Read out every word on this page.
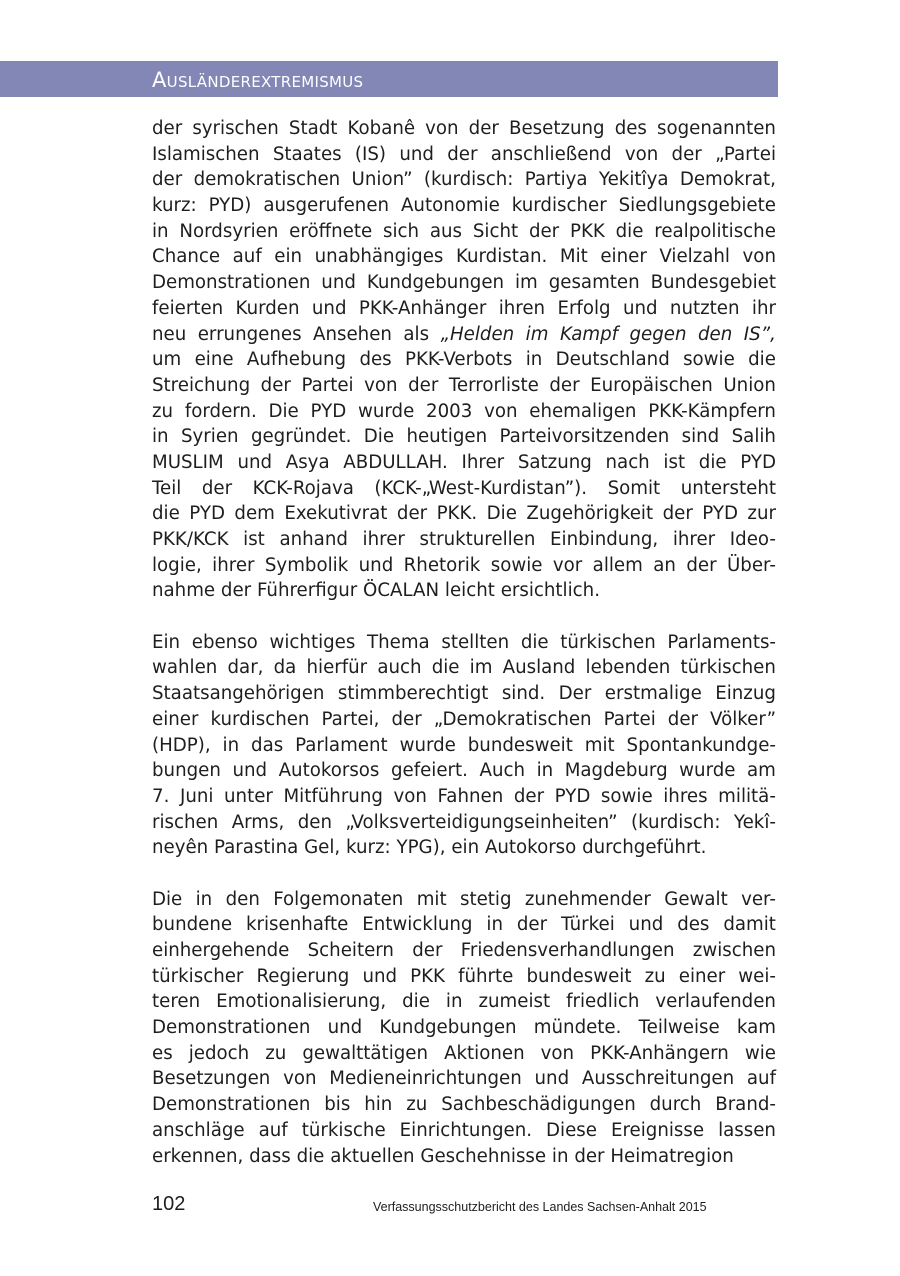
Ausländerextremismus

der syrischen Stadt Kobanê von der Besetzung des sogenannten
Islamischen Staates (IS) und der anschließend von der „Partei
der demokratischen Union” (kurdisch: Partiya Yekitîya Demokrat,
kurz: PYD) ausgerufenen Autonomie kurdischer Siedlungsgebiete
in Nordsyrien eröffnete sich aus Sicht der PKK die realpolitische
Chance auf ein unabhängiges Kurdistan. Mit einer Vielzahl von
Demonstrationen und Kundgebungen im gesamten Bundesgebiet
feierten Kurden und PKK-Anhänger ihren Erfolg und nutzten ihr
neu errungenes Ansehen als „Helden im Kampf gegen den IS”,
um eine Aufhebung des PKK-Verbots in Deutschland sowie die
Streichung der Partei von der Terrorliste der Europäischen Union
zu fordern. Die PYD wurde 2003 von ehemaligen PKK-Kämpfern
in Syrien gegründet. Die heutigen Parteivorsitzenden sind Salih
MUSLIM und Asya ABDULLAH. Ihrer Satzung nach ist die PYD
Teil der KCK-Rojava (KCK-„West-Kurdistan”). Somit untersteht
die PYD dem Exekutivrat der PKK. Die Zugehörigkeit der PYD zur
PKK/KCK ist anhand ihrer strukturellen Einbindung, ihrer Ideo-
logie, ihrer Symbolik und Rhetorik sowie vor allem an der Über-
nahme der Führerfigur ÖCALAN leicht ersichtlich.

Ein ebenso wichtiges Thema stellten die türkischen Parlaments-
wahlen dar, da hierfür auch die im Ausland lebenden türkischen
Staatsangehörigen stimmberechtigt sind. Der erstmalige Einzug
einer kurdischen Partei, der „Demokratischen Partei der Völker”
(HDP), in das Parlament wurde bundesweit mit Spontankundge-
bungen und Autokorsos gefeiert. Auch in Magdeburg wurde am
7. Juni unter Mitführung von Fahnen der PYD sowie ihres militä-
rischen Arms, den „Volksverteidigungseinheiten” (kurdisch: Yekî-
neyên Parastina Gel, kurz: YPG), ein Autokorso durchgeführt.

Die in den Folgemonaten mit stetig zunehmender Gewalt ver-
bundene krisenhafte Entwicklung in der Türkei und des damit
einhergehende Scheitern der Friedensverhandlungen zwischen
türkischer Regierung und PKK führte bundesweit zu einer wei-
teren Emotionalisierung, die in zumeist friedlich verlaufenden
Demonstrationen und Kundgebungen mündete. Teilweise kam
es jedoch zu gewalttätigen Aktionen von PKK-Anhängern wie
Besetzungen von Medieneinrichtungen und Ausschreitungen auf
Demonstrationen bis hin zu Sachbeschädigungen durch Brand-
anschläge auf türkische Einrichtungen. Diese Ereignisse lassen
erkennen, dass die aktuellen Geschehnisse in der Heimatregion

102	Verfassungsschutzbericht des Landes Sachsen-Anhalt 2015
